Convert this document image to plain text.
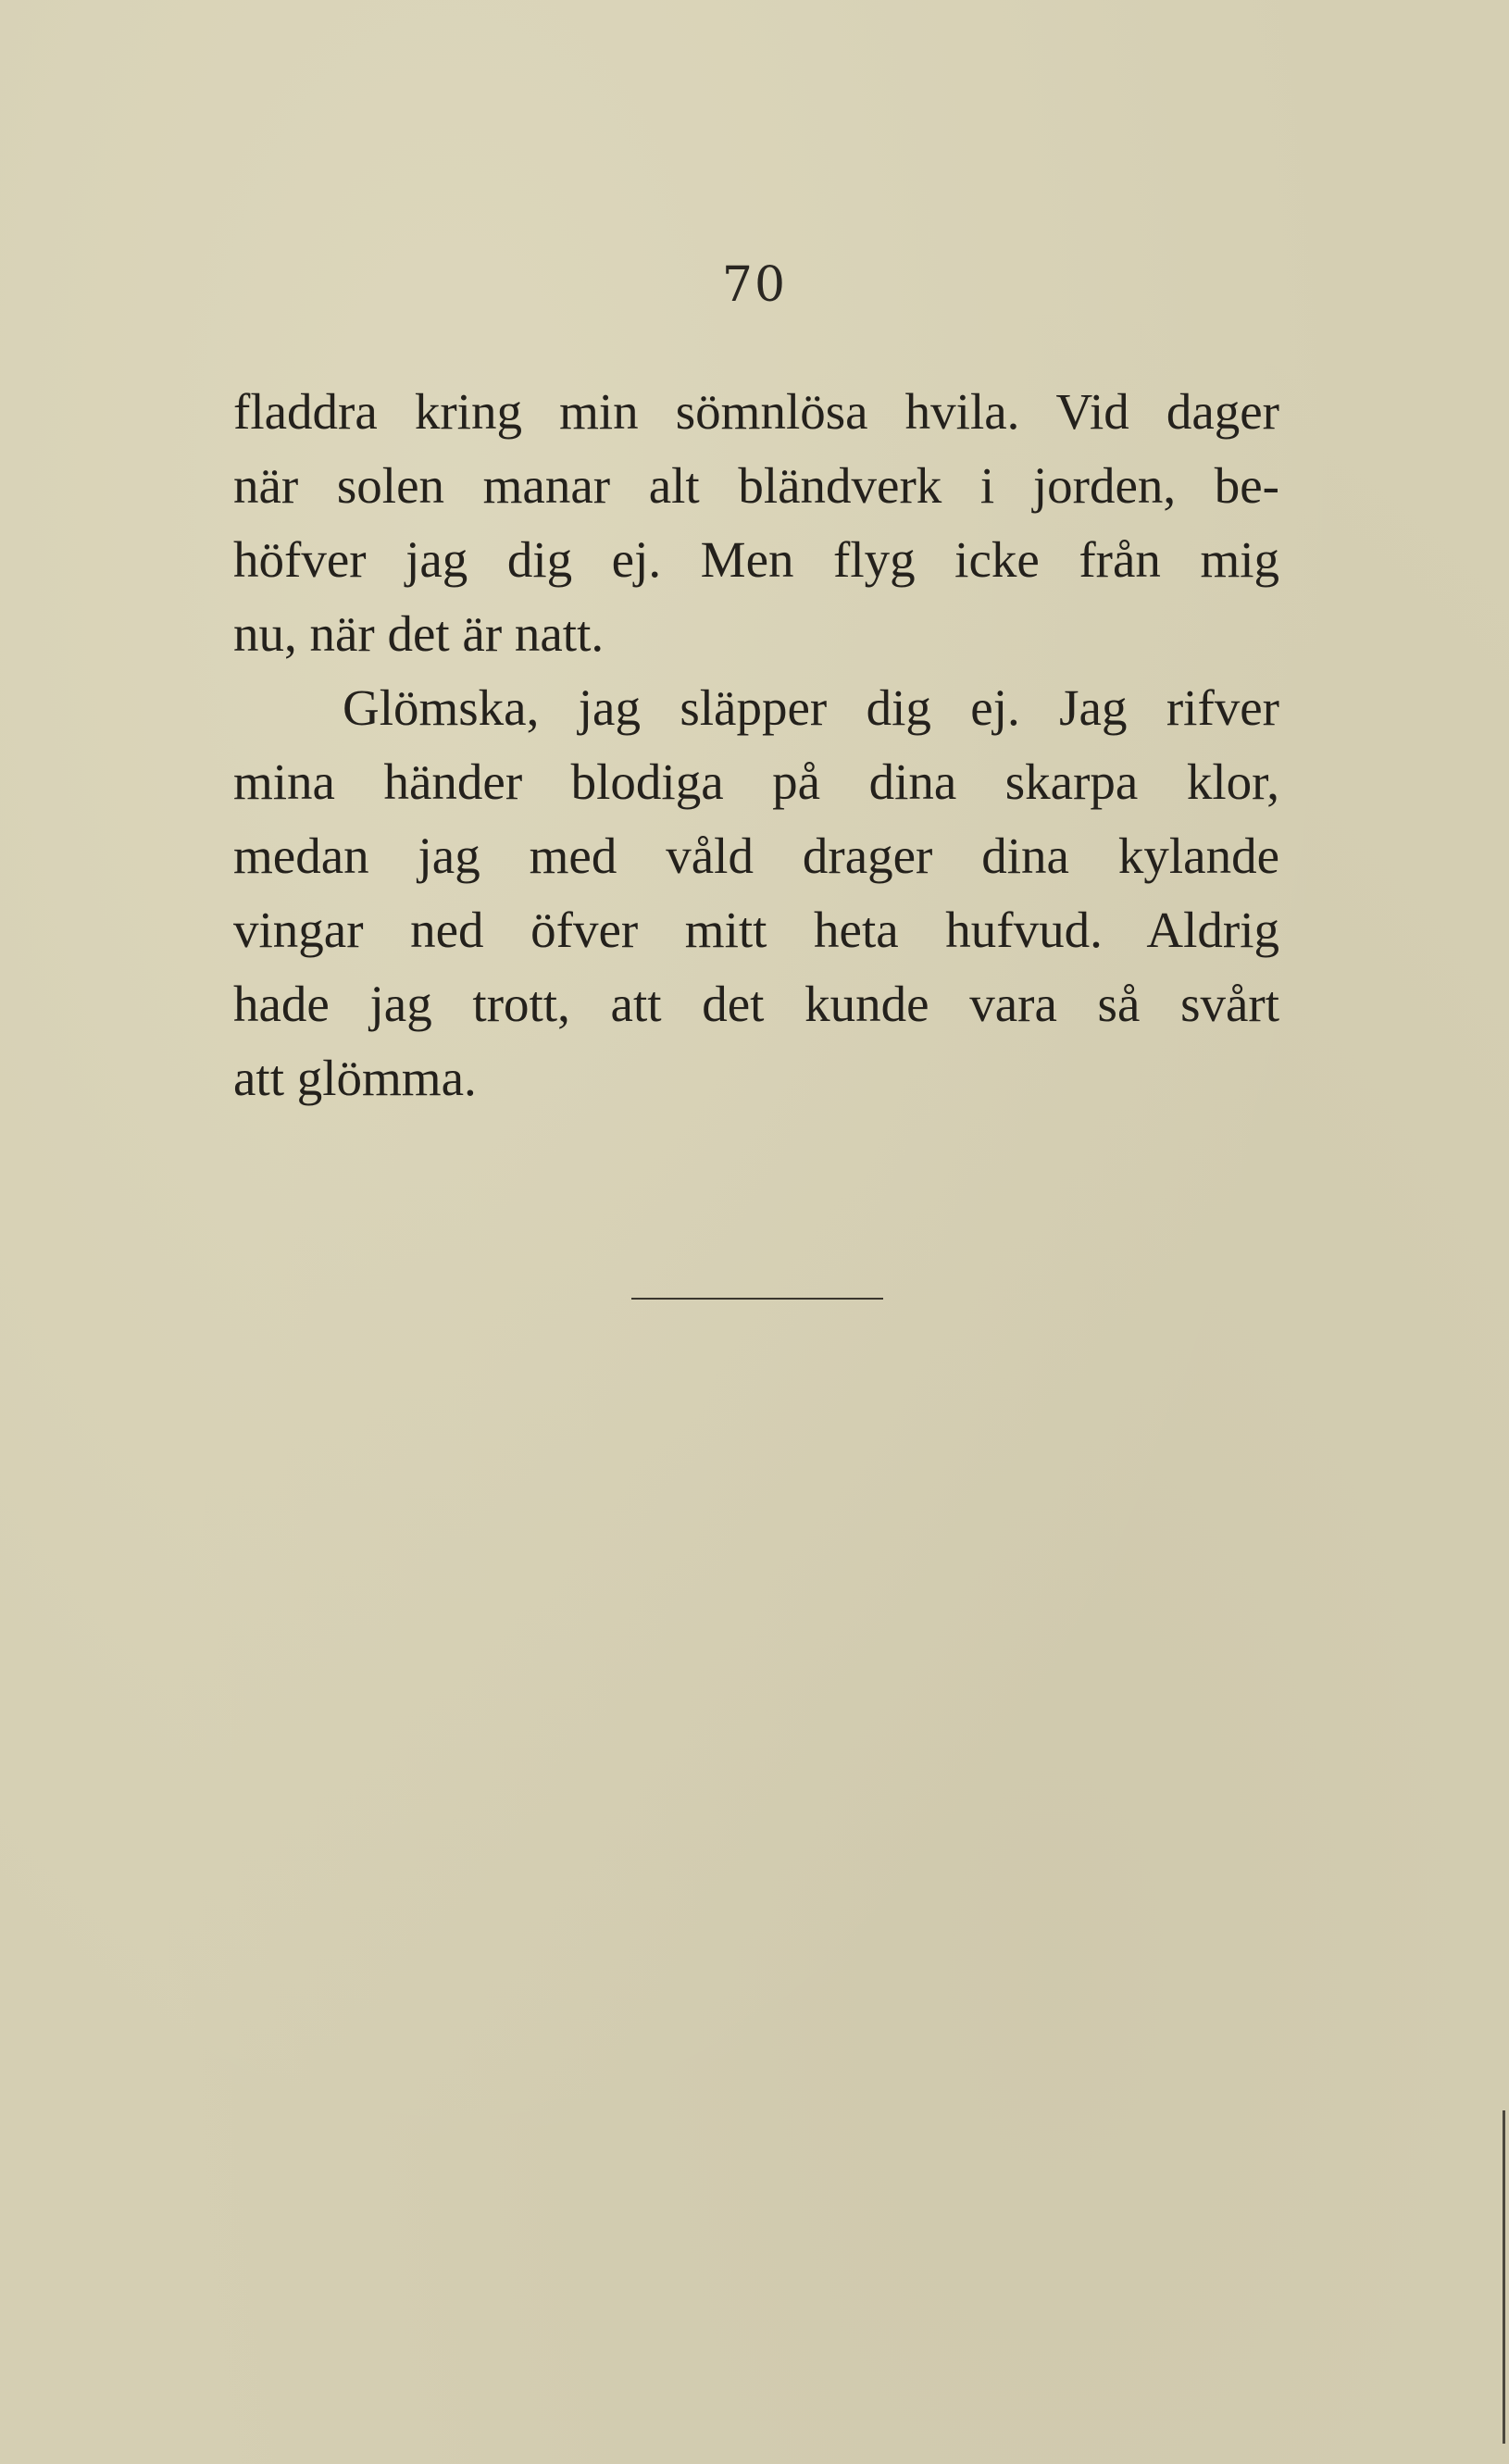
70
fladdra kring min sömnlösa hvila. Vid dager
när solen manar alt bländverk i jorden, be-
höfver jag dig ej. Men flyg icke från mig
nu, när det är natt.
Glömska, jag släpper dig ej. Jag rifver
mina händer blodiga på dina skarpa klor,
medan jag med våld drager dina kylande
vingar ned öfver mitt heta hufvud. Aldrig
hade jag trott, att det kunde vara så svårt
att glömma.
